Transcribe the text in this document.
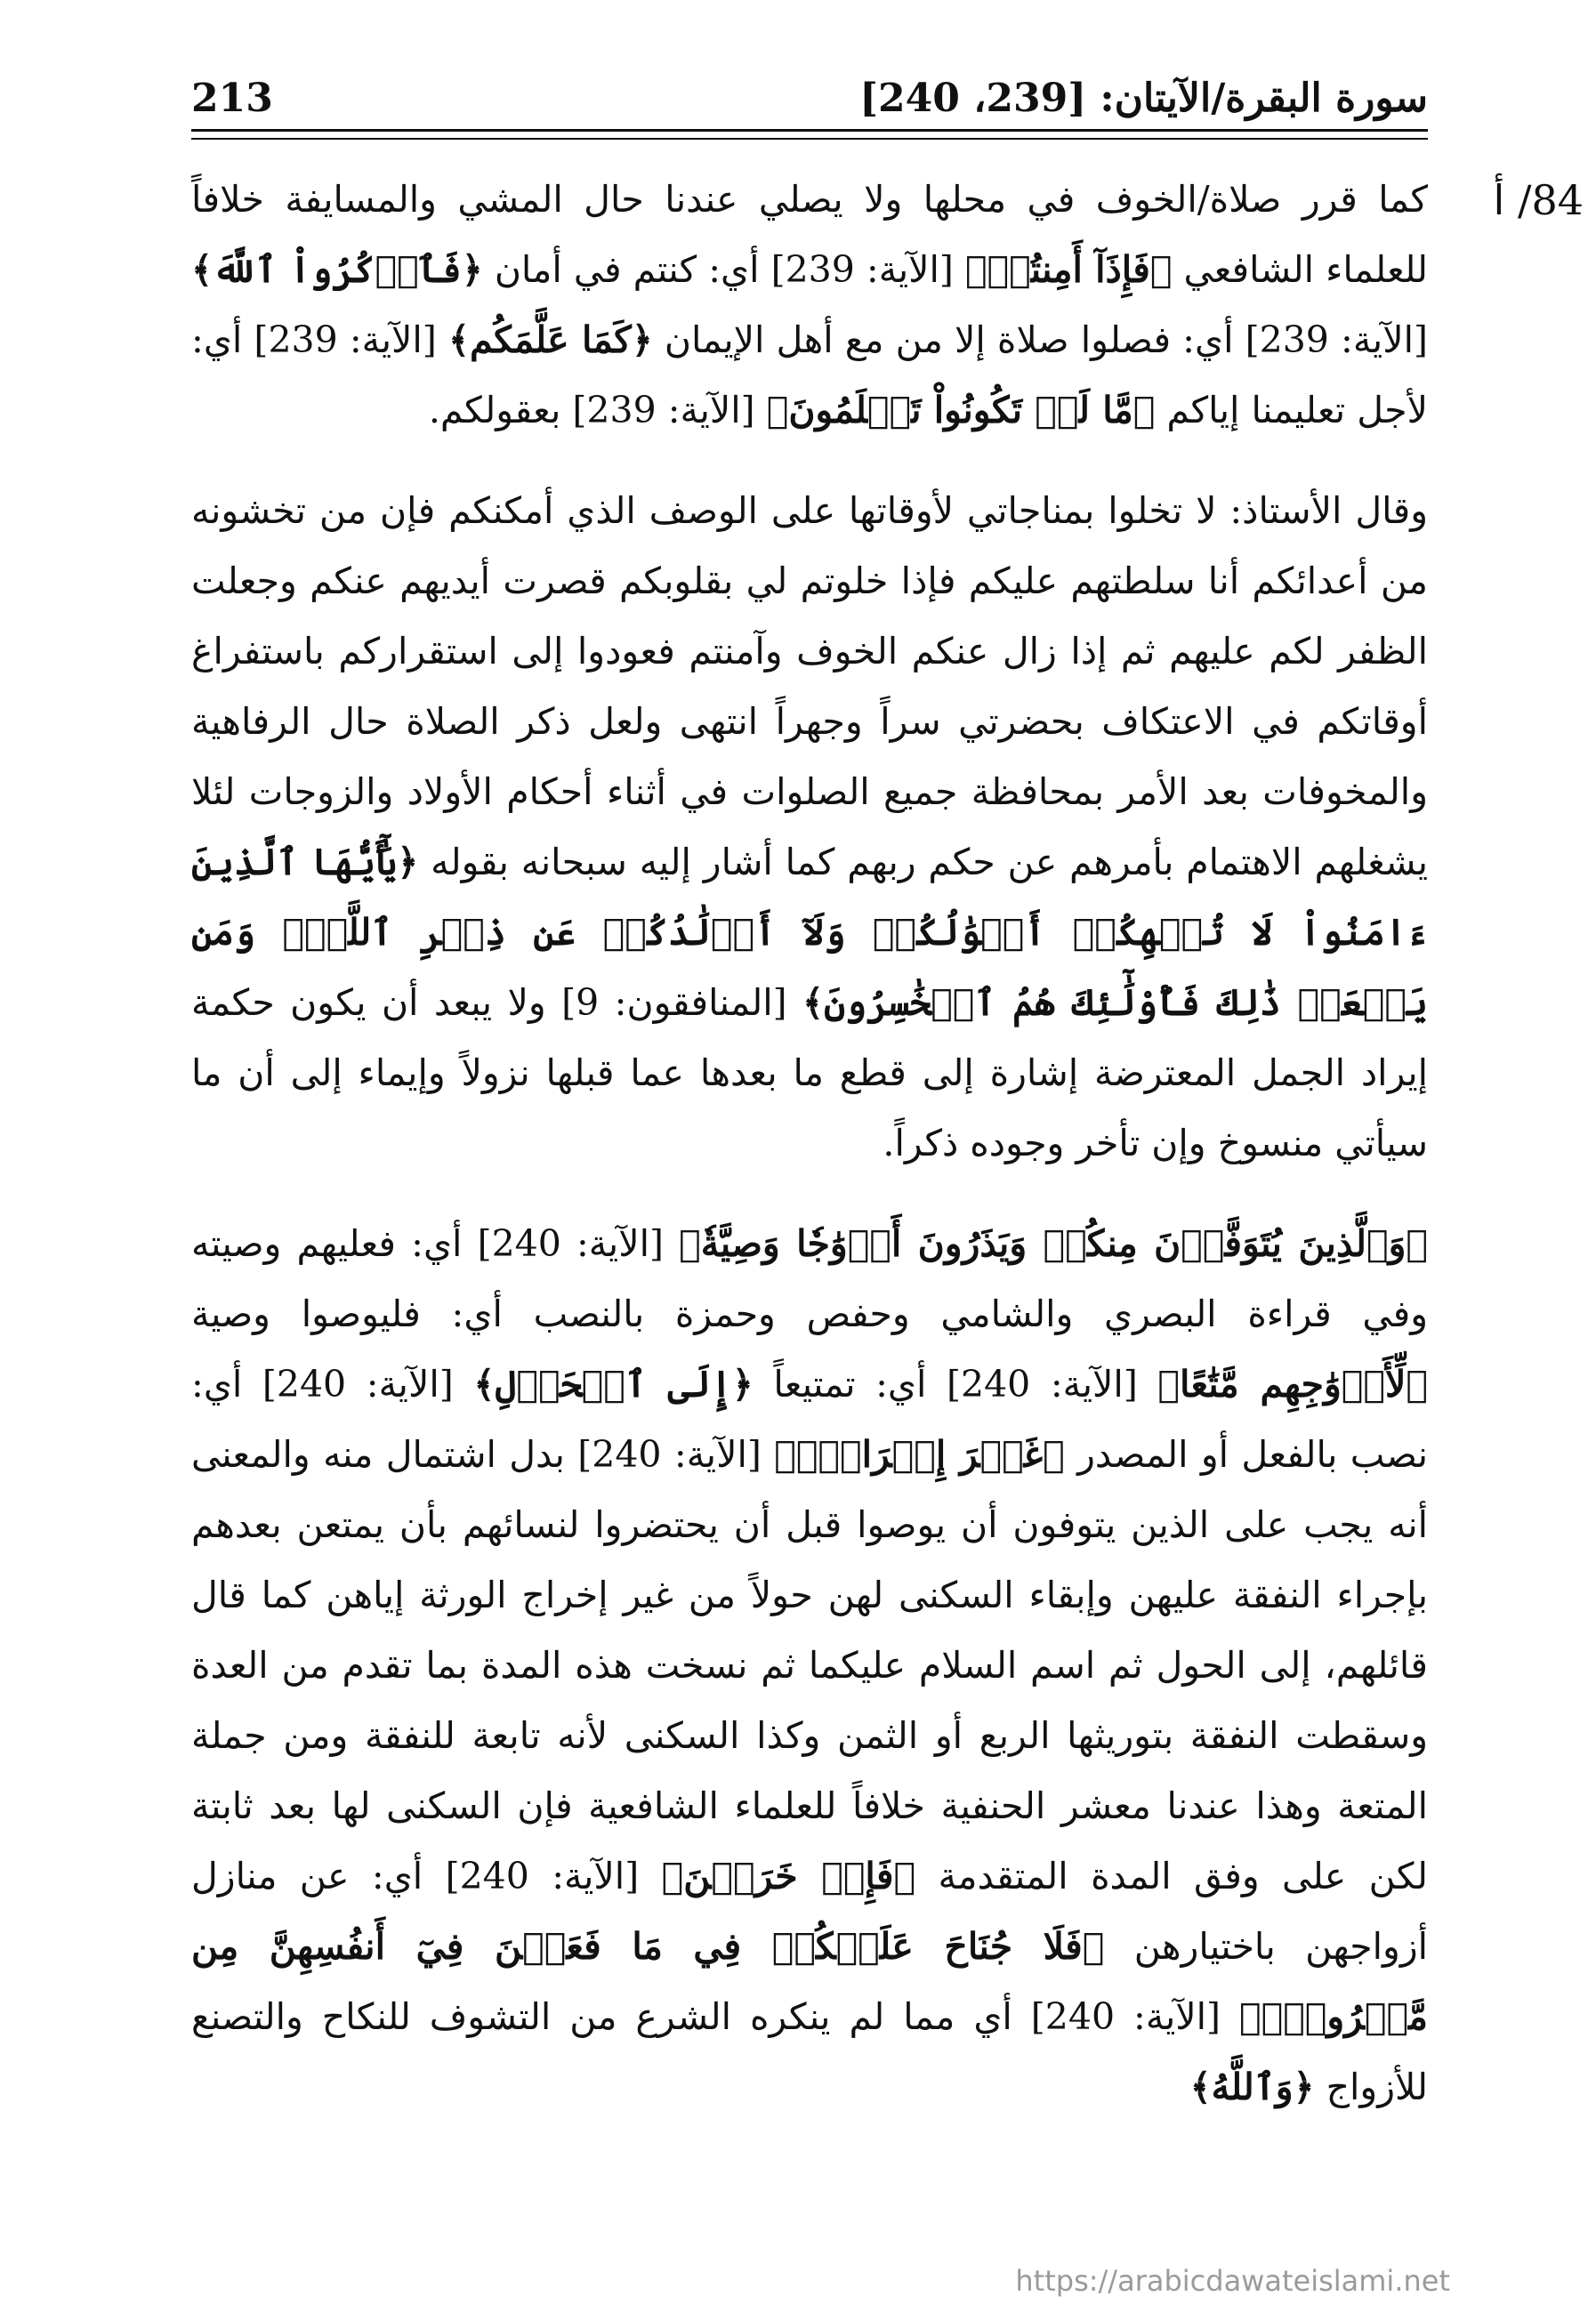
سورة البقرة/الآيتان: [239، 240]
213
84/ أ

كما قرر صلاة/الخوف في محلها ولا يصلي عندنا حال المشي والمسايفة خلافاً للعلماء الشافعي ﴿فَإِذَآ أَمِنتُمۡ﴾ [الآية: 239] أي: كنتم في أمان ﴿فَٱذۡكُرُواْ ٱللَّهَ﴾ [الآية: 239] أي: فصلوا صلاة إلا من مع أهل الإيمان ﴿كَمَا عَلَّمَكُم﴾ [الآية: 239] أي: لأجل تعليمنا إياكم ﴿مَّا لَمۡ تَكُونُواْ تَعۡلَمُونَ﴾ [الآية: 239] بعقولكم.

وقال الأستاذ: لا تخلوا بمناجاتي لأوقاتها على الوصف الذي أمكنكم فإن من تخشونه من أعدائكم أنا سلطتهم عليكم فإذا خلوتم لي بقلوبكم قصرت أيديهم عنكم وجعلت الظفر لكم عليهم ثم إذا زال عنكم الخوف وآمنتم فعودوا إلى استقراركم باستفراغ أوقاتكم في الاعتكاف بحضرتي سراً وجهراً انتهى ولعل ذكر الصلاة حال الرفاهية والمخوفات بعد الأمر بمحافظة جميع الصلوات في أثناء أحكام الأولاد والزوجات لئلا يشغلهم الاهتمام بأمرهم عن حكم ربهم كما أشار إليه سبحانه بقوله ﴿يَٰٓأَيُّهَا ٱلَّذِينَ ءَامَنُواْ لَا تُلۡهِكُمۡ أَمۡوَٰلُكُمۡ وَلَآ أَوۡلَٰدُكُمۡ عَن ذِكۡرِ ٱللَّهِۚ وَمَن يَفۡعَلۡ ذَٰلِكَ فَأُوْلَٰٓئِكَ هُمُ ٱلۡخَٰسِرُونَ﴾ [المنافقون: 9] ولا يبعد أن يكون حكمة إيراد الجمل المعترضة إشارة إلى قطع ما بعدها عما قبلها نزولاً وإيماء إلى أن ما سيأتي منسوخ وإن تأخر وجوده ذكراً.

﴿وَٱلَّذِينَ يُتَوَفَّوۡنَ مِنكُمۡ وَيَذَرُونَ أَزۡوَٰجٗا وَصِيَّةٗ﴾ [الآية: 240] أي: فعليهم وصيته وفي قراءة البصري والشامي وحفص وحمزة بالنصب أي: فليوصوا وصية ﴿لِّأَزۡوَٰجِهِم مَّتَٰعًا﴾ [الآية: 240] أي: تمتيعاً ﴿إِلَى ٱلۡحَوۡلِ﴾ [الآية: 240] أي: نصب بالفعل أو المصدر ﴿غَيۡرَ إِخۡرَاجٖۚ﴾ [الآية: 240] بدل اشتمال منه والمعنى أنه يجب على الذين يتوفون أن يوصوا قبل أن يحتضروا لنسائهم بأن يمتعن بعدهم بإجراء النفقة عليهن وإبقاء السكنى لهن حولاً من غير إخراج الورثة إياهن كما قال قائلهم، إلى الحول ثم اسم السلام عليكما ثم نسخت هذه المدة بما تقدم من العدة وسقطت النفقة بتوريثها الربع أو الثمن وكذا السكنى لأنه تابعة للنفقة ومن جملة المتعة وهذا عندنا معشر الحنفية خلافاً للعلماء الشافعية فإن السكنى لها بعد ثابتة لكن على وفق المدة المتقدمة ﴿فَإِنۡ خَرَجۡنَ﴾ [الآية: 240] أي: عن منازل أزواجهن باختيارهن ﴿فَلَا جُنَاحَ عَلَيۡكُمۡ فِي مَا فَعَلۡنَ فِيٓ أَنفُسِهِنَّ مِن مَّعۡرُوفٖۗ﴾ [الآية: 240] أي مما لم ينكره الشرع من التشوف للنكاح والتصنع للأزواج ﴿وَٱللَّهُ﴾

https://arabicdawateislami.net
